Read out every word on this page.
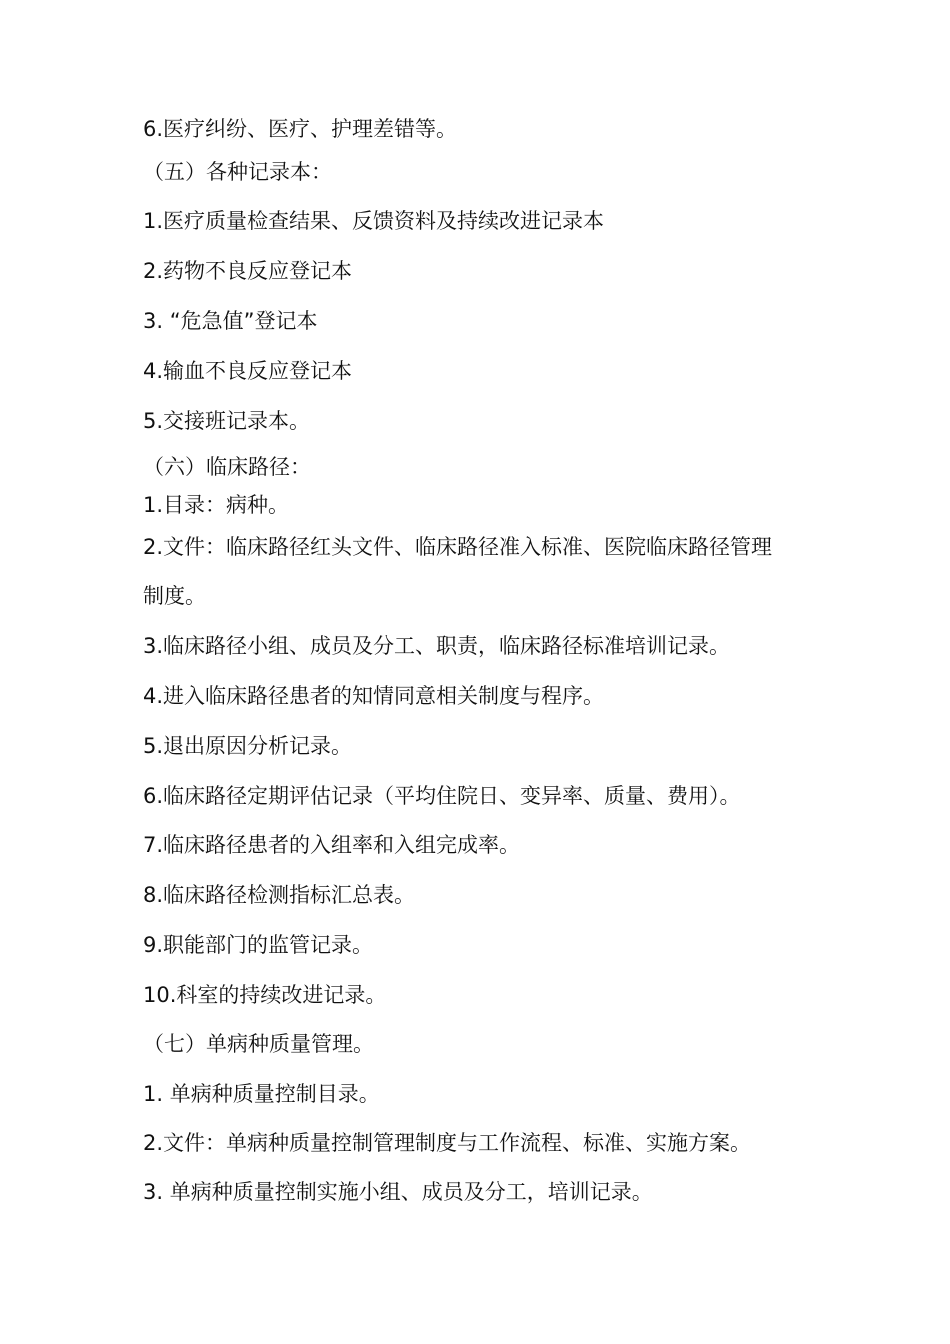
6.医疗纠纷、医疗、护理差错等。
（五）各种记录本：
1.医疗质量检查结果、反馈资料及持续改进记录本
2.药物不良反应登记本
3. “危急值”登记本
4.输血不良反应登记本
5.交接班记录本。
（六）临床路径：
1.目录：病种。
2.文件：临床路径红头文件、临床路径准入标准、医院临床路径管理
制度。
3.临床路径小组、成员及分工、职责，临床路径标准培训记录。
4.进入临床路径患者的知情同意相关制度与程序。
5.退出原因分析记录。
6.临床路径定期评估记录（平均住院日、变异率、质量、费用）。
7.临床路径患者的入组率和入组完成率。
8.临床路径检测指标汇总表。
9.职能部门的监管记录。
10.科室的持续改进记录。
（七）单病种质量管理。
1. 单病种质量控制目录。
2.文件：单病种质量控制管理制度与工作流程、标准、实施方案。
3. 单病种质量控制实施小组、成员及分工，培训记录。
